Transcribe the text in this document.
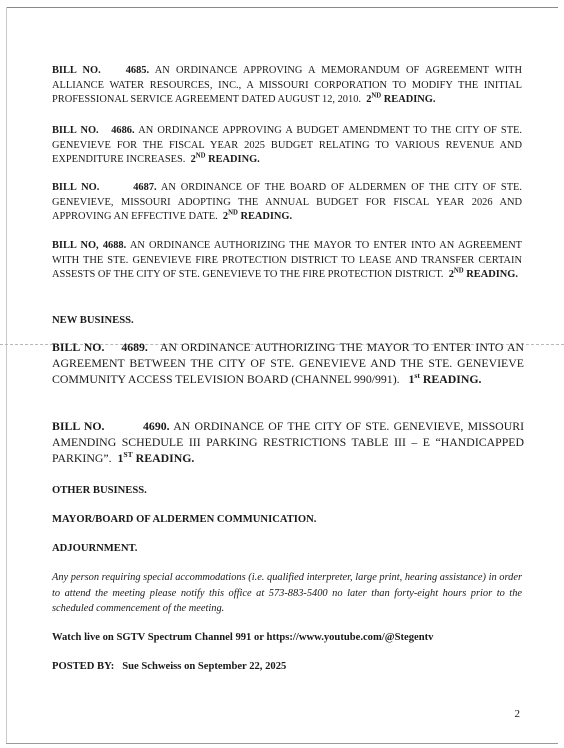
BILL NO. 4685. AN ORDINANCE APPROVING A MEMORANDUM OF AGREEMENT WITH ALLIANCE WATER RESOURCES, INC., A MISSOURI CORPORATION TO MODIFY THE INITIAL PROFESSIONAL SERVICE AGREEMENT DATED AUGUST 12, 2010. 2ND READING.

BILL NO. 4686. AN ORDINANCE APPROVING A BUDGET AMENDMENT TO THE CITY OF STE. GENEVIEVE FOR THE FISCAL YEAR 2025 BUDGET RELATING TO VARIOUS REVENUE AND EXPENDITURE INCREASES. 2ND READING.

BILL NO.	4687. AN ORDINANCE OF THE BOARD OF ALDERMEN OF THE CITY OF STE. GENEVIEVE, MISSOURI ADOPTING THE ANNUAL BUDGET FOR FISCAL YEAR 2026 AND APPROVING AN EFFECTIVE DATE. 2ND READING.

BILL NO, 4688. AN ORDINANCE AUTHORIZING THE MAYOR TO ENTER INTO AN AGREEMENT WITH THE STE. GENEVIEVE FIRE PROTECTION DISTRICT TO LEASE AND TRANSFER CERTAIN ASSESTS OF THE CITY OF STE. GENEVIEVE TO THE FIRE PROTECTION DISTRICT. 2ND READING.

NEW BUSINESS.

BILL NO. 4689.   AN ORDINANCE AUTHORIZING THE MAYOR TO ENTER INTO AN AGREEMENT BETWEEN THE CITY OF STE. GENEVIEVE AND THE STE. GENEVIEVE COMMUNITY ACCESS TELEVISION BOARD (CHANNEL 990/991). 1st READING.

BILL NO.	4690. AN ORDINANCE OF THE CITY OF STE. GENEVIEVE, MISSOURI AMENDING SCHEDULE III PARKING RESTRICTIONS TABLE III – E “HANDICAPPED PARKING”. 1ST READING.

OTHER BUSINESS.
MAYOR/BOARD OF ALDERMEN COMMUNICATION.
ADJOURNMENT.

Any person requiring special accommodations (i.e. qualified interpreter, large print, hearing assistance) in order to attend the meeting please notify this office at 573-883-5400 no later than forty-eight hours prior to the scheduled commencement of the meeting.

Watch live on SGTV Spectrum Channel 991 or https://www.youtube.com/@Stegentv
POSTED BY: Sue Schweiss on September 22, 2025
2
